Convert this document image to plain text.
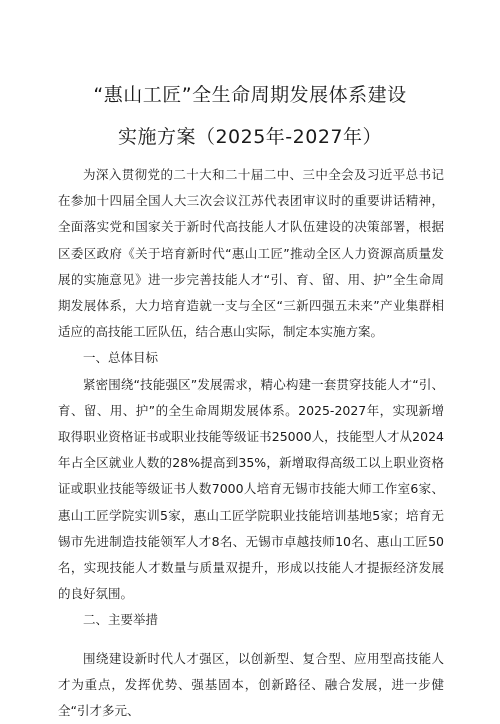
“惠山工匠”全生命周期发展体系建设
实施方案（2025年-2027年）

为深入贯彻党的二十大和二十届二中、三中全会及习近平总书记在参加十四届全国人大三次会议江苏代表团审议时的重要讲话精神，全面落实党和国家关于新时代高技能人才队伍建设的决策部署，根据区委区政府《关于培育新时代“惠山工匠”推动全区人力资源高质量发展的实施意见》进一步完善技能人才“引、育、留、用、护”全生命周期发展体系，大力培育造就一支与全区“三新四强五未来”产业集群相适应的高技能工匠队伍，结合惠山实际，制定本实施方案。

一、总体目标

紧密围绕“技能强区”发展需求，精心构建一套贯穿技能人才“引、育、留、用、护”的全生命周期发展体系。2025-2027年，实现新增取得职业资格证书或职业技能等级证书25000人，技能型人才从2024年占全区就业人数的28%提高到35%，新增取得高级工以上职业资格证或职业技能等级证书人数7000人培育无锡市技能大师工作室6家、惠山工匠学院实训5家，惠山工匠学院职业技能培训基地5家；培育无锡市先进制造技能领军人才8名、无锡市卓越技师10名、惠山工匠50名，实现技能人才数量与质量双提升，形成以技能人才提振经济发展的良好氛围。

二、主要举措

围绕建设新时代人才强区，以创新型、复合型、应用型高技能人才为重点，发挥优势、强基固本，创新路径、融合发展，进一步健全“引才多元、
